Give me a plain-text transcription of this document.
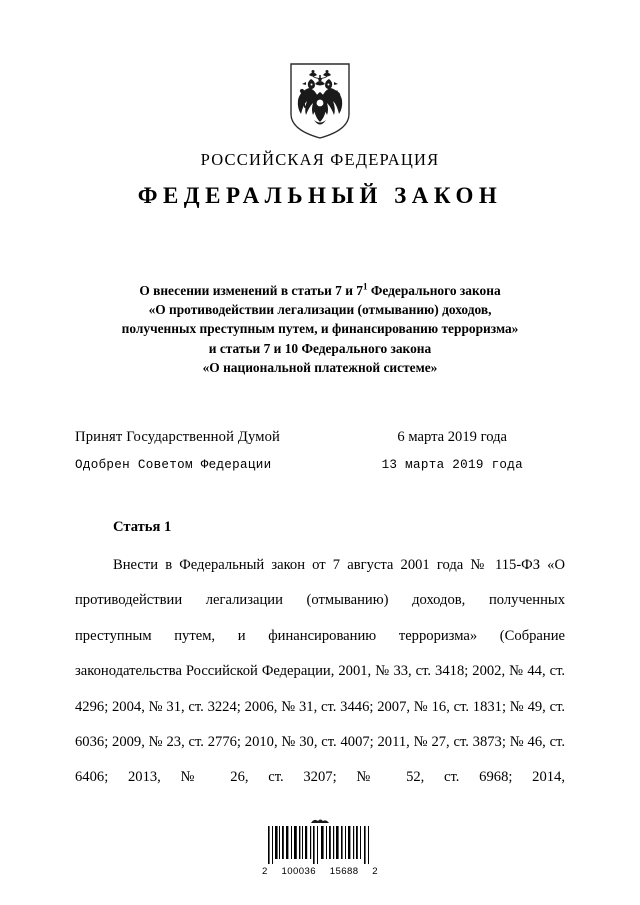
РОССИЙСКАЯ ФЕДЕРАЦИЯ
ФЕДЕРАЛЬНЫЙ ЗАКОН
О внесении изменений в статьи 7 и $7^1$ Федерального закона
«О противодействии легализации (отмыванию) доходов,
полученных преступным путем, и финансированию терроризма»
и статьи 7 и 10 Федерального закона
«О национальной платежной системе»
Принят Государственной Думой	6 марта 2019 года
Одобрен Советом Федерации	13 марта 2019 года
Статья 1

Внести в Федеральный закон от 7 августа 2001 года № 115-ФЗ «О противодействии легализации (отмыванию) доходов, полученных преступным путем, и финансированию терроризма» (Собрание законодательства Российской Федерации, 2001, № 33, ст. 3418; 2002, № 44, ст. 4296; 2004, № 31, ст. 3224; 2006, № 31, ст. 3446; 2007, № 16, ст. 1831; № 49, ст. 6036; 2009, № 23, ст. 2776; 2010, № 30, ст. 4007; 2011, № 27, ст. 3873; № 46, ст. 6406; 2013, № 26, ст. 3207; № 52, ст. 6968; 2014,

2 100036 15688 2
